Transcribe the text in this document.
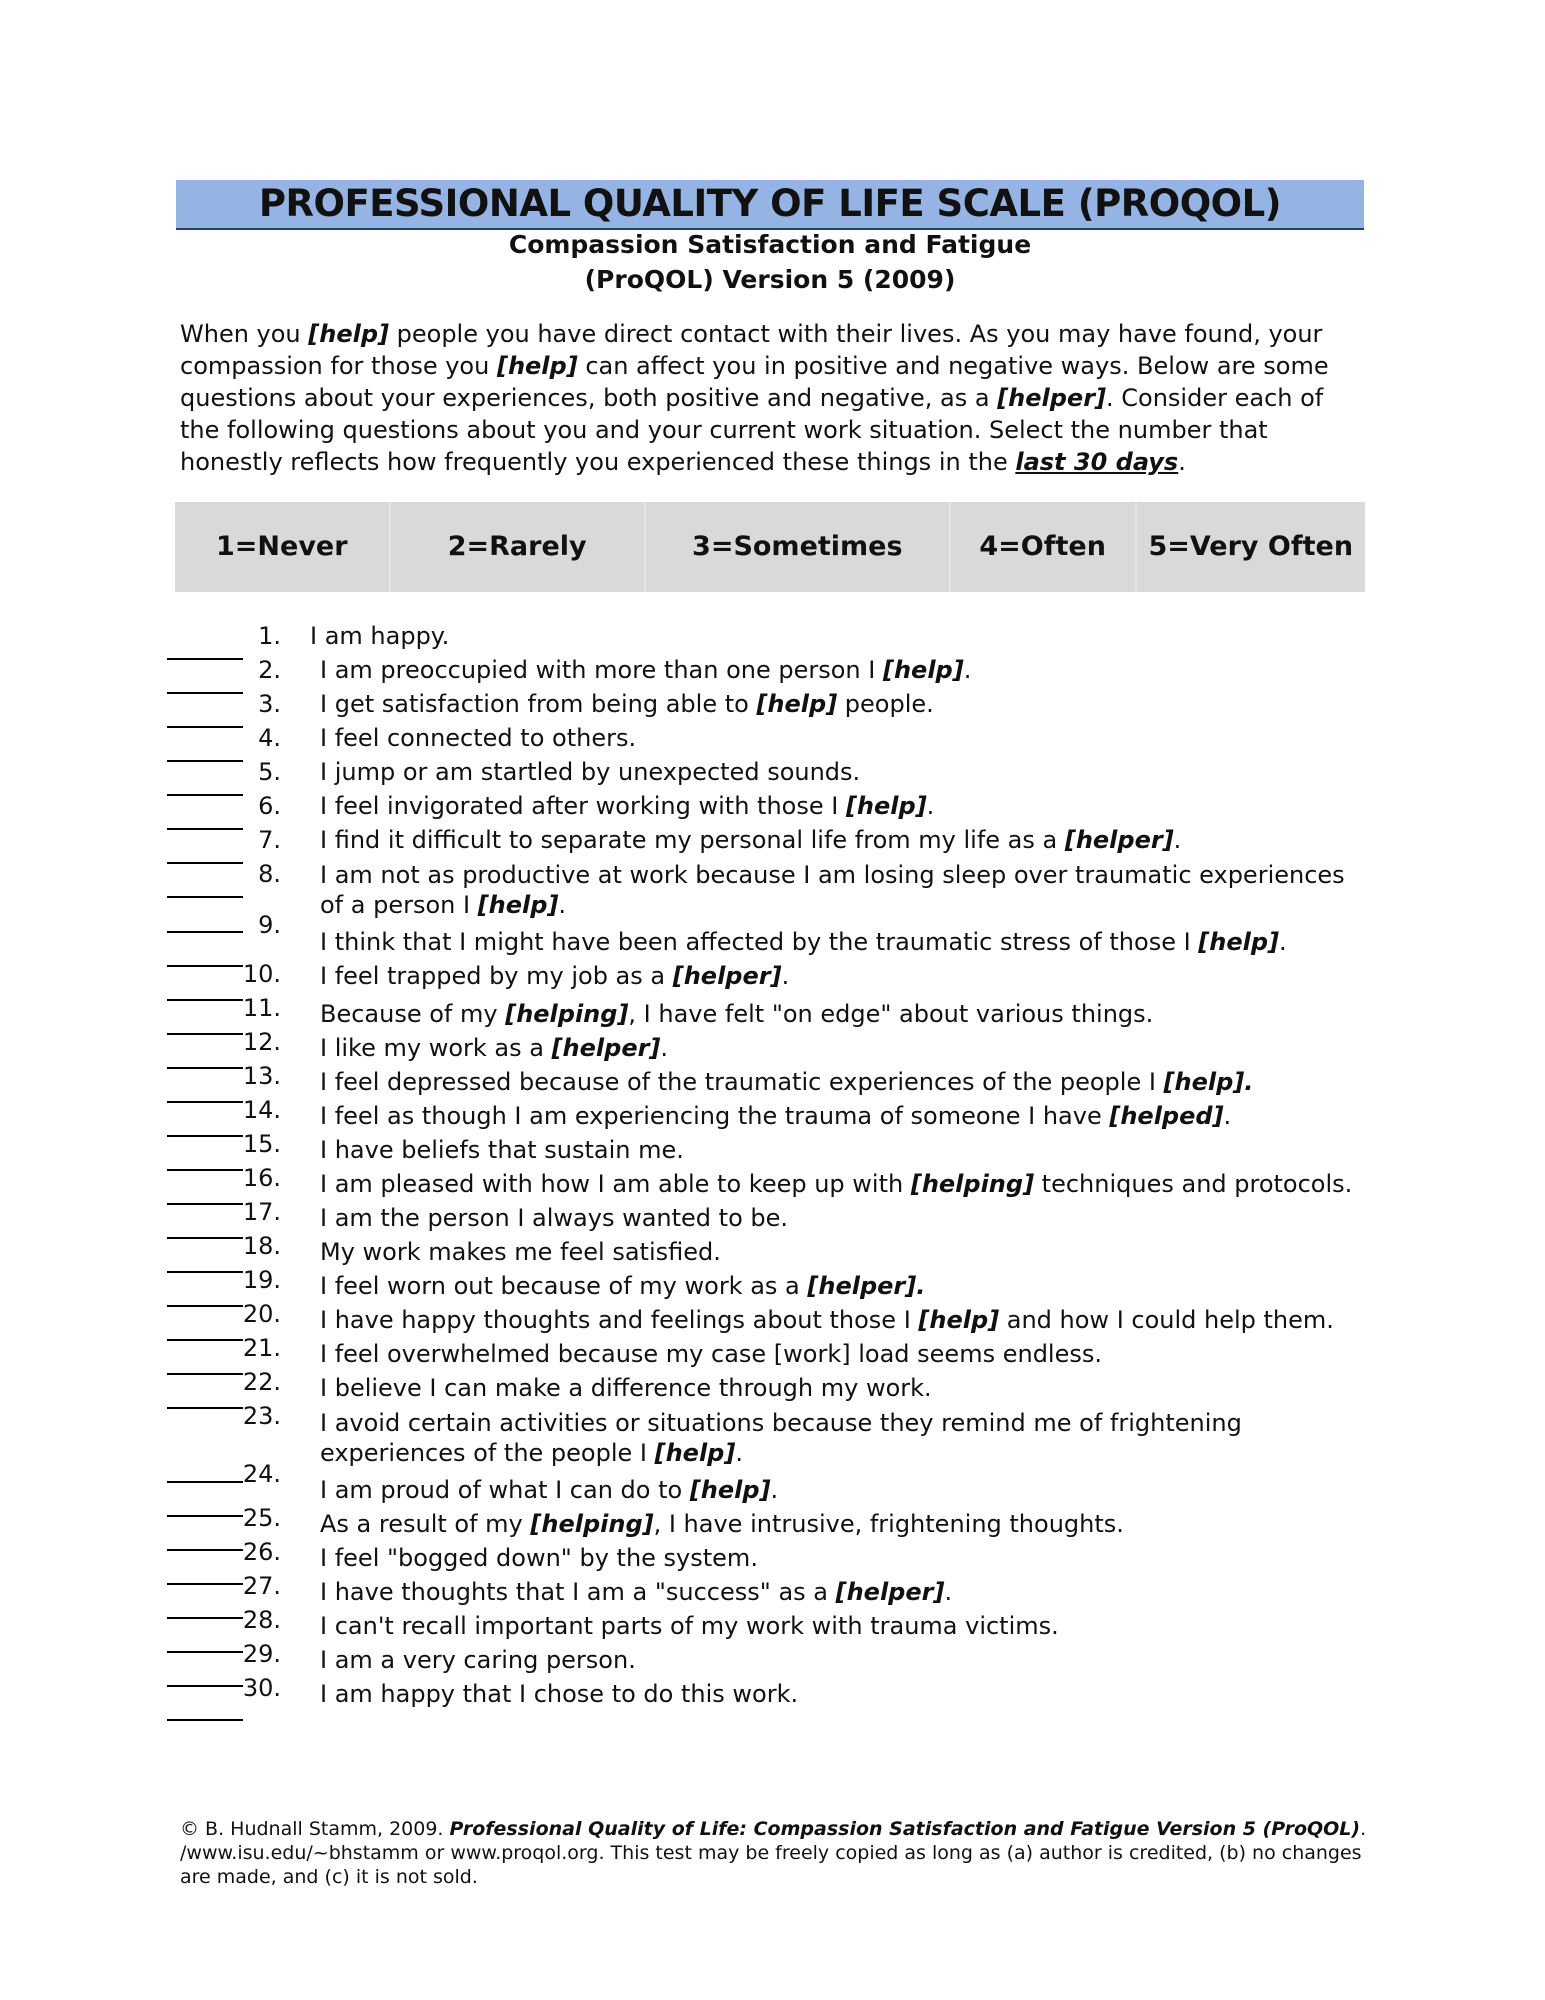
PROFESSIONAL QUALITY OF LIFE SCALE (PROQOL)
Compassion Satisfaction and Fatigue
(ProQOL) Version 5 (2009)
When you [help] people you have direct contact with their lives. As you may have found, your compassion for those you [help] can affect you in positive and negative ways. Below are some questions about your experiences, both positive and negative, as a [helper]. Consider each of the following questions about you and your current work situation. Select the number that honestly reflects how frequently you experienced these things in the last 30 days.
1=Never	2=Rarely	3=Sometimes	4=Often	5=Very Often
1. I am happy.
2. I am preoccupied with more than one person I [help].
3. I get satisfaction from being able to [help] people.
4. I feel connected to others.
5. I jump or am startled by unexpected sounds.
6. I feel invigorated after working with those I [help].
7. I find it difficult to separate my personal life from my life as a [helper].
8. I am not as productive at work because I am losing sleep over traumatic experiences of a person I [help].
9.
I think that I might have been affected by the traumatic stress of those I [help].
10. I feel trapped by my job as a [helper].
11. Because of my [helping], I have felt "on edge" about various things.
12. I like my work as a [helper].
13. I feel depressed because of the traumatic experiences of the people I [help].
14. I feel as though I am experiencing the trauma of someone I have [helped].
15. I have beliefs that sustain me.
16. I am pleased with how I am able to keep up with [helping] techniques and protocols.
17. I am the person I always wanted to be.
18. My work makes me feel satisfied.
19. I feel worn out because of my work as a [helper].
20. I have happy thoughts and feelings about those I [help] and how I could help them.
21. I feel overwhelmed because my case [work] load seems endless.
22. I believe I can make a difference through my work.
23. I avoid certain activities or situations because they remind me of frightening experiences of the people I [help].
24.
I am proud of what I can do to [help].
25. As a result of my [helping], I have intrusive, frightening thoughts.
26. I feel "bogged down" by the system.
27. I have thoughts that I am a "success" as a [helper].
28. I can't recall important parts of my work with trauma victims.
29. I am a very caring person.
30. I am happy that I chose to do this work.
© B. Hudnall Stamm, 2009. Professional Quality of Life: Compassion Satisfaction and Fatigue Version 5 (ProQOL). /www.isu.edu/~bhstamm or www.proqol.org. This test may be freely copied as long as (a) author is credited, (b) no changes are made, and (c) it is not sold.
